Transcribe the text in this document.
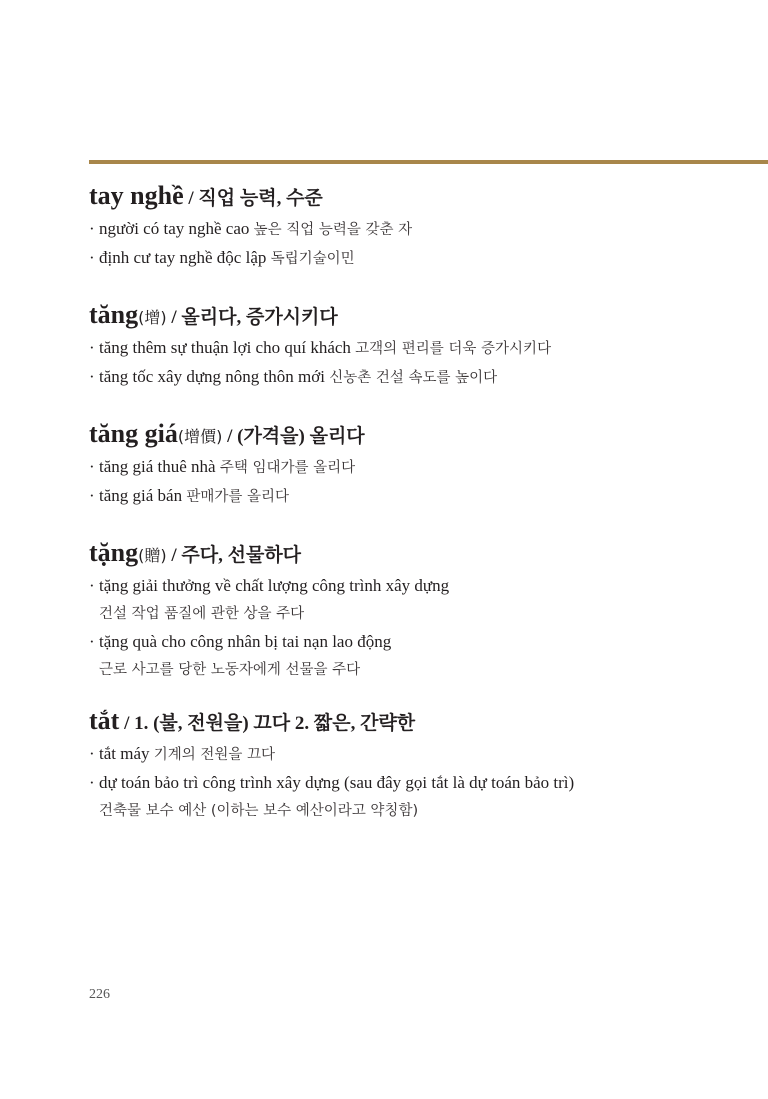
tay nghề / 직업 능력, 수준
· người có tay nghề cao 높은 직업 능력을 갖춘 자
· định cư tay nghề độc lập 독립기술이민
tăng(增) / 올리다, 증가시키다
· tăng thêm sự thuận lợi cho quí khách 고객의 편리를 더욱 증가시키다
· tăng tốc xây dựng nông thôn mới 신농촌 건설 속도를 높이다
tăng giá(增價) / (가격을) 올리다
· tăng giá thuê nhà 주택 임대가를 올리다
· tăng giá bán 판매가를 올리다
tặng(贈) / 주다, 선물하다
· tặng giải thưởng về chất lượng công trình xây dựng
건설 작업 품질에 관한 상을 주다
· tặng quà cho công nhân bị tai nạn lao động
근로 사고를 당한 노동자에게 선물을 주다
tắt / 1. (불, 전원을) 끄다 2. 짧은, 간략한
· tắt máy 기계의 전원을 끄다
· dự toán bảo trì công trình xây dựng (sau đây gọi tắt là dự toán bảo trì)
건축물 보수 예산 (이하는 보수 예산이라고 약칭함)
226
